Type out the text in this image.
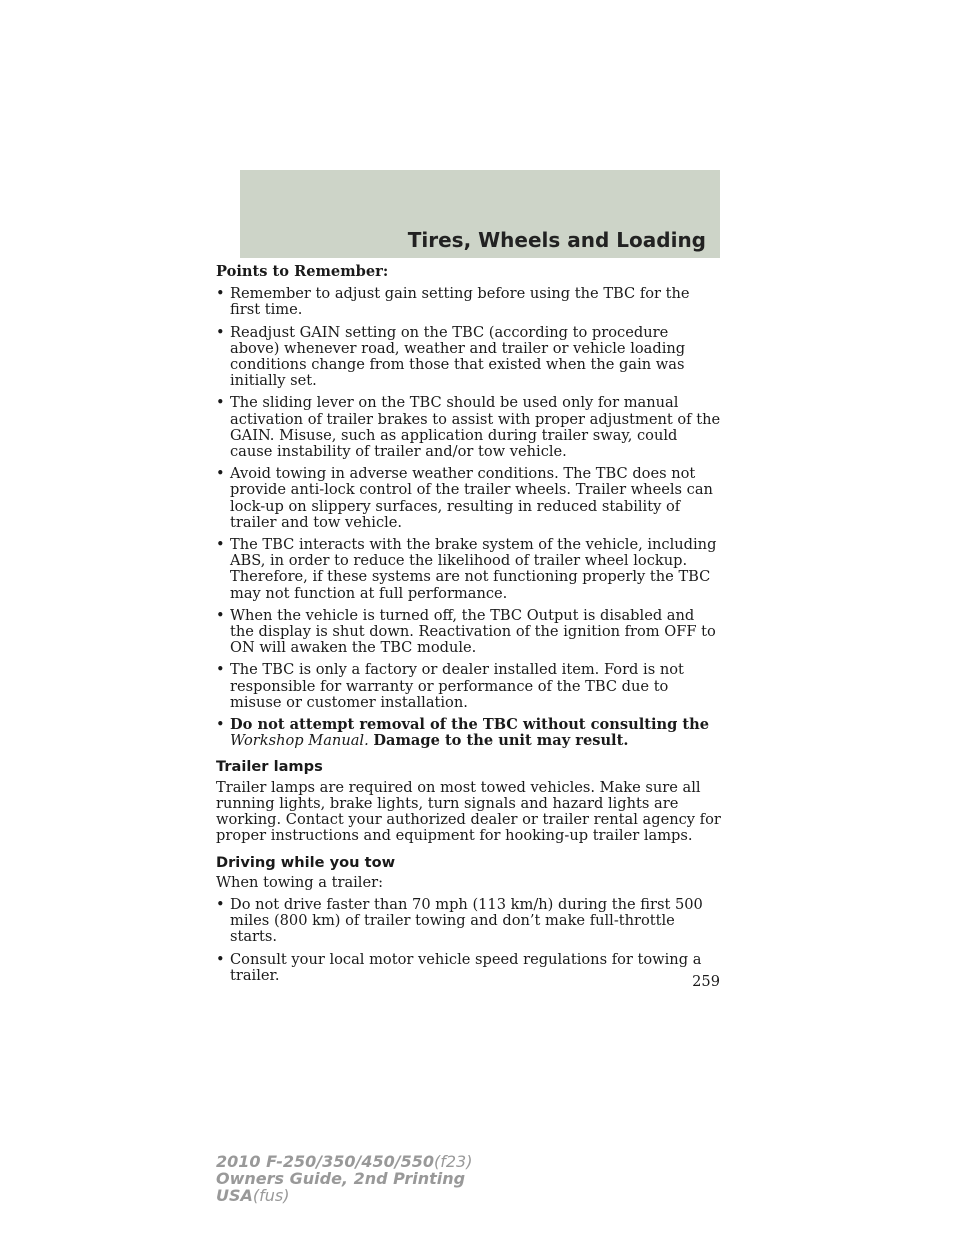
Tires, Wheels and Loading
Points to Remember:
• Remember to adjust gain setting before using the TBC for the first time.
• Readjust GAIN setting on the TBC (according to procedure above) whenever road, weather and trailer or vehicle loading conditions change from those that existed when the gain was initially set.
• The sliding lever on the TBC should be used only for manual activation of trailer brakes to assist with proper adjustment of the GAIN. Misuse, such as application during trailer sway, could cause instability of trailer and/or tow vehicle.
• Avoid towing in adverse weather conditions. The TBC does not provide anti-lock control of the trailer wheels. Trailer wheels can lock-up on slippery surfaces, resulting in reduced stability of trailer and tow vehicle.
• The TBC interacts with the brake system of the vehicle, including ABS, in order to reduce the likelihood of trailer wheel lockup. Therefore, if these systems are not functioning properly the TBC may not function at full performance.
• When the vehicle is turned off, the TBC Output is disabled and the display is shut down. Reactivation of the ignition from OFF to ON will awaken the TBC module.
• The TBC is only a factory or dealer installed item. Ford is not responsible for warranty or performance of the TBC due to misuse or customer installation.
• Do not attempt removal of the TBC without consulting the
Workshop Manual. Damage to the unit may result.
Trailer lamps

Trailer lamps are required on most towed vehicles. Make sure all running lights, brake lights, turn signals and hazard lights are working. Contact your authorized dealer or trailer rental agency for proper instructions and equipment for hooking-up trailer lamps.

Driving while you tow

When towing a trailer:

• Do not drive faster than 70 mph (113 km/h) during the first 500 miles (800 km) of trailer towing and don’t make full-throttle starts.
• Consult your local motor vehicle speed regulations for towing a trailer.	259
2010 F-250/350/450/550(f23)
Owners Guide, 2nd Printing
USA(fus)
